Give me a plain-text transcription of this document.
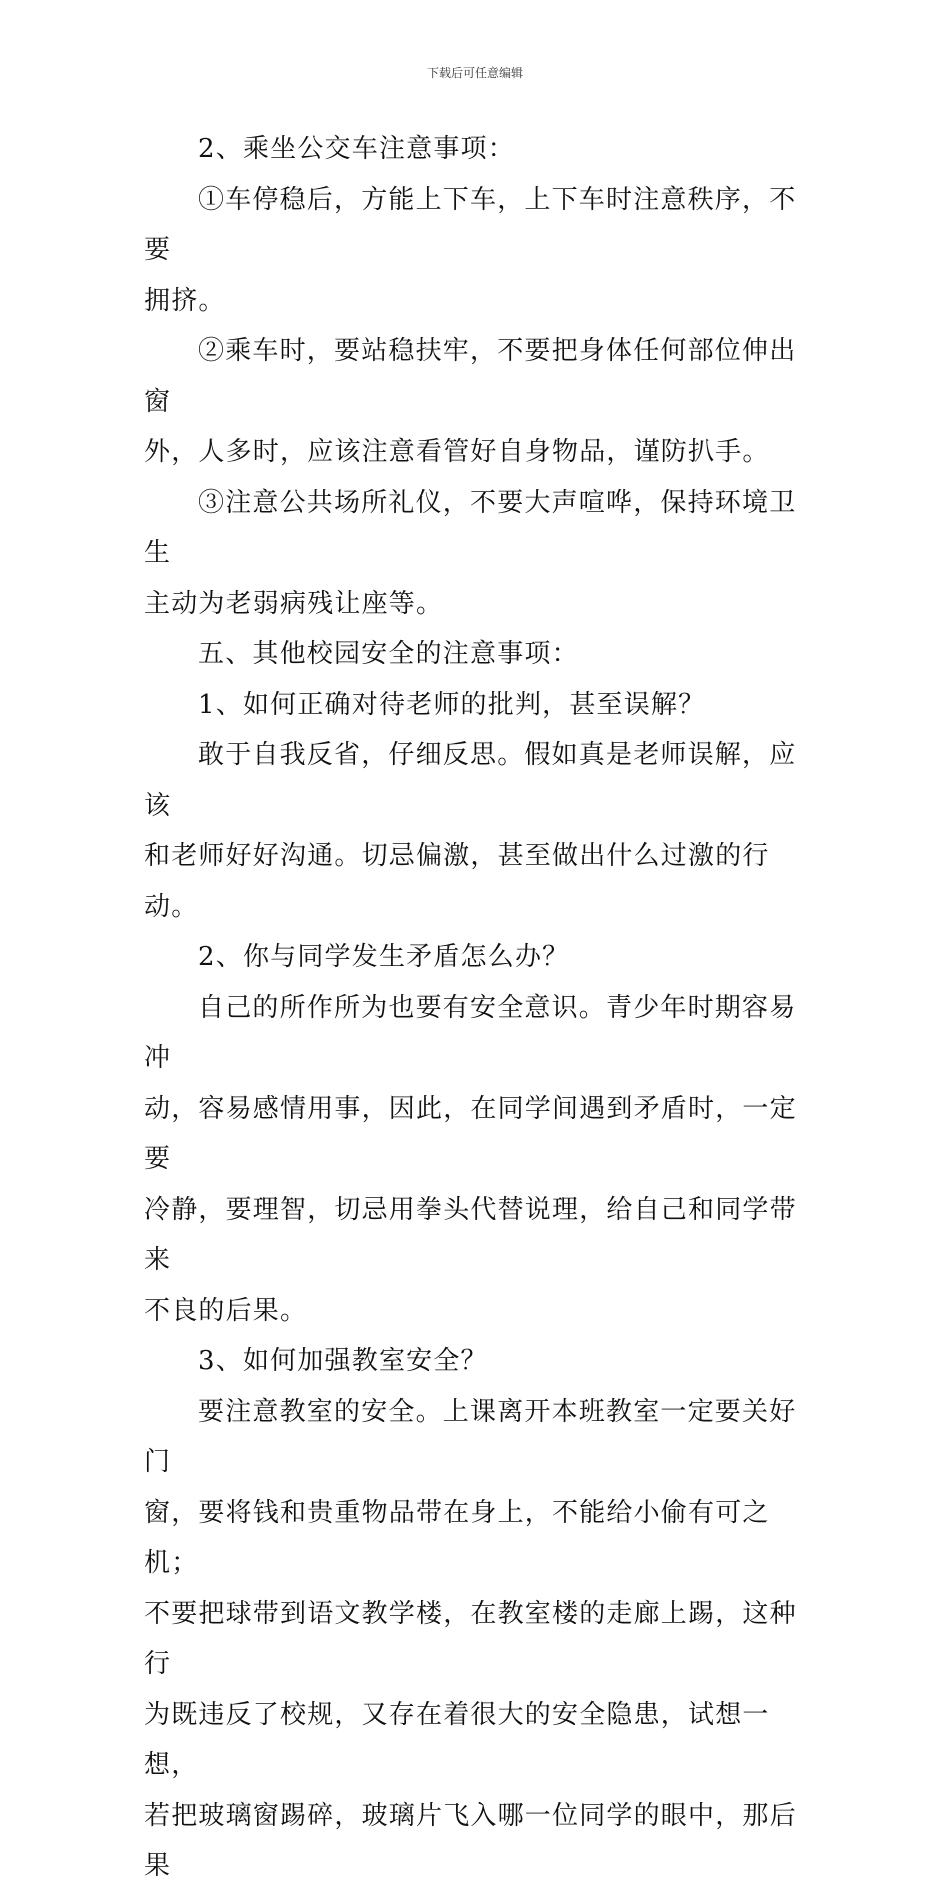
下载后可任意编辑

2、乘坐公交车注意事项：

①车停稳后，方能上下车，上下车时注意秩序，不要
拥挤。

②乘车时，要站稳扶牢，不要把身体任何部位伸出窗
外，人多时，应该注意看管好自身物品，谨防扒手。

③注意公共场所礼仪，不要大声喧哗，保持环境卫生
主动为老弱病残让座等。

五、其他校园安全的注意事项：

1、如何正确对待老师的批判，甚至误解？

敢于自我反省，仔细反思。假如真是老师误解，应该
和老师好好沟通。切忌偏激，甚至做出什么过激的行动。

2、你与同学发生矛盾怎么办？

自己的所作所为也要有安全意识。青少年时期容易冲
动，容易感情用事，因此，在同学间遇到矛盾时，一定要
冷静，要理智，切忌用拳头代替说理，给自己和同学带来
不良的后果。

3、如何加强教室安全？

要注意教室的安全。上课离开本班教室一定要关好门
窗，要将钱和贵重物品带在身上，不能给小偷有可之机；
不要把球带到语文教学楼，在教室楼的走廊上踢，这种行
为既违反了校规，又存在着很大的安全隐患，试想一想，
若把玻璃窗踢碎，玻璃片飞入哪一位同学的眼中，那后果
